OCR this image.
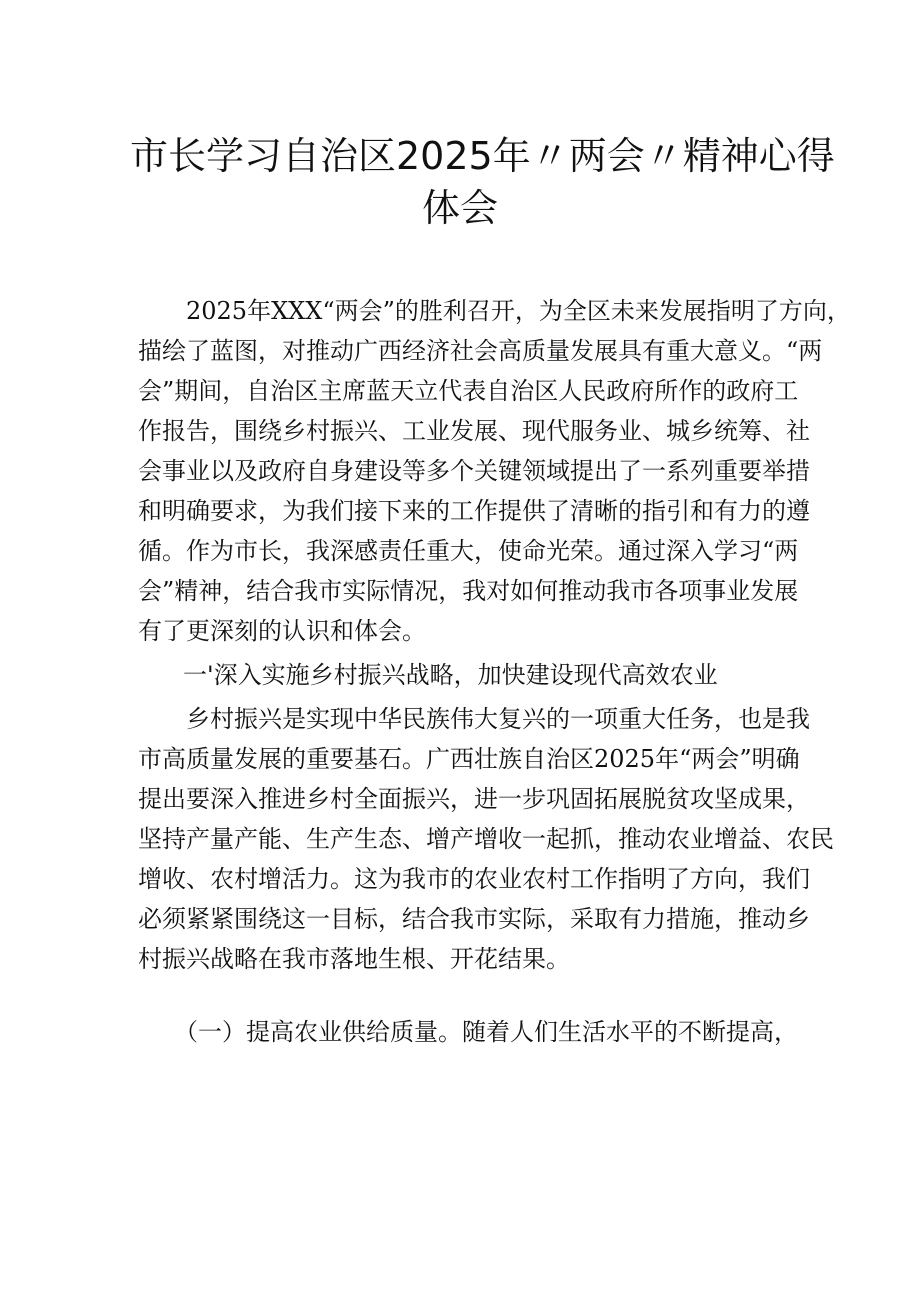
市长学习自治区2025年〃两会〃精神心得
体会
　　2025年XXX“两会”的胜利召开，为全区未来发展指明了方向，
描绘了蓝图，对推动广西经济社会高质量发展具有重大意义。“两
会”期间，自治区主席蓝天立代表自治区人民政府所作的政府工
作报告，围绕乡村振兴、工业发展、现代服务业、城乡统筹、社
会事业以及政府自身建设等多个关键领域提出了一系列重要举措
和明确要求，为我们接下来的工作提供了清晰的指引和有力的遵
循。作为市长，我深感责任重大，使命光荣。通过深入学习“两
会”精神，结合我市实际情况，我对如何推动我市各项事业发展
有了更深刻的认识和体会。
一'深入实施乡村振兴战略，加快建设现代高效农业
　　乡村振兴是实现中华民族伟大复兴的一项重大任务，也是我
市高质量发展的重要基石。广西壮族自治区2025年“两会”明确
提出要深入推进乡村全面振兴，进一步巩固拓展脱贫攻坚成果，
坚持产量产能、生产生态、增产增收一起抓，推动农业增益、农民
增收、农村增活力。这为我市的农业农村工作指明了方向，我们
必须紧紧围绕这一目标，结合我市实际，采取有力措施，推动乡
村振兴战略在我市落地生根、开花结果。
　　（一）提高农业供给质量。随着人们生活水平的不断提高，
